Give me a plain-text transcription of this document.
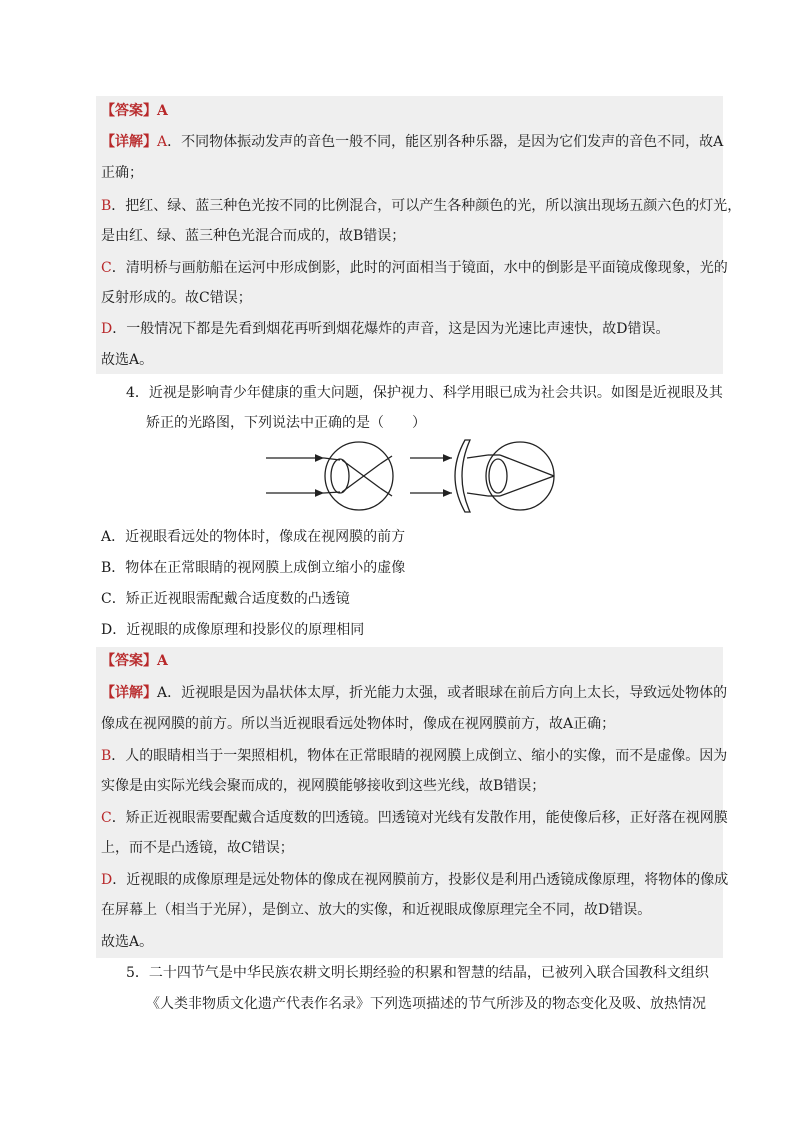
【答案】A
【详解】A．不同物体振动发声的音色一般不同，能区别各种乐器，是因为它们发声的音色不同，故A
正确；
B．把红、绿、蓝三种色光按不同的比例混合，可以产生各种颜色的光，所以演出现场五颜六色的灯光，
是由红、绿、蓝三种色光混合而成的，故B错误；
C．清明桥与画舫船在运河中形成倒影，此时的河面相当于镜面，水中的倒影是平面镜成像现象，光的
反射形成的。故C错误；
D．一般情况下都是先看到烟花再听到烟花爆炸的声音，这是因为光速比声速快，故D错误。
故选A。
4．近视是影响青少年健康的重大问题，保护视力、科学用眼已成为社会共识。如图是近视眼及其
矫正的光路图，下列说法中正确的是（　　）
A．近视眼看远处的物体时，像成在视网膜的前方
B．物体在正常眼睛的视网膜上成倒立缩小的虚像
C．矫正近视眼需配戴合适度数的凸透镜
D．近视眼的成像原理和投影仪的原理相同
【答案】A
【详解】A．近视眼是因为晶状体太厚，折光能力太强，或者眼球在前后方向上太长，导致远处物体的
像成在视网膜的前方。所以当近视眼看远处物体时，像成在视网膜前方，故A正确；
B．人的眼睛相当于一架照相机，物体在正常眼睛的视网膜上成倒立、缩小的实像，而不是虚像。因为
实像是由实际光线会聚而成的，视网膜能够接收到这些光线，故B错误；
C．矫正近视眼需要配戴合适度数的凹透镜。凹透镜对光线有发散作用，能使像后移，正好落在视网膜
上，而不是凸透镜，故C错误；
D．近视眼的成像原理是远处物体的像成在视网膜前方，投影仪是利用凸透镜成像原理，将物体的像成
在屏幕上（相当于光屏），是倒立、放大的实像，和近视眼成像原理完全不同，故D错误。
故选A。
5．二十四节气是中华民族农耕文明长期经验的积累和智慧的结晶，已被列入联合国教科文组织
《人类非物质文化遗产代表作名录》下列选项描述的节气所涉及的物态变化及吸、放热情况
